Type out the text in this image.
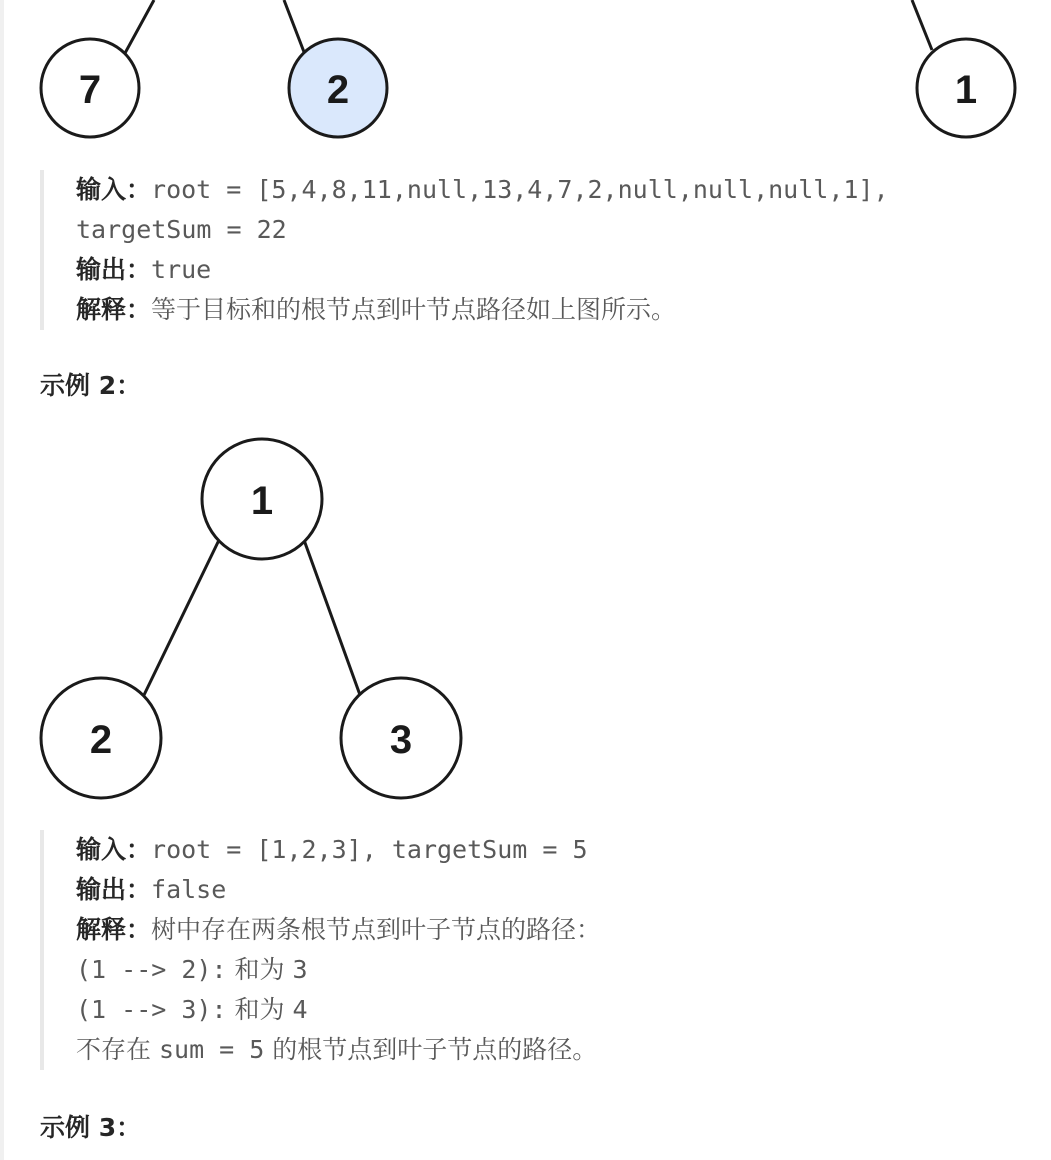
7	2	1
输入：root = [5,4,8,11,null,13,4,7,2,null,null,null,1],
targetSum = 22
输出：true
解释：等于目标和的根节点到叶节点路径如上图所示。
示例 2：
1
2	3
输入：root = [1,2,3], targetSum = 5
输出：false
解释：树中存在两条根节点到叶子节点的路径：
(1 --> 2): 和为 3
(1 --> 3): 和为 4
不存在 sum = 5 的根节点到叶子节点的路径。
示例 3：
